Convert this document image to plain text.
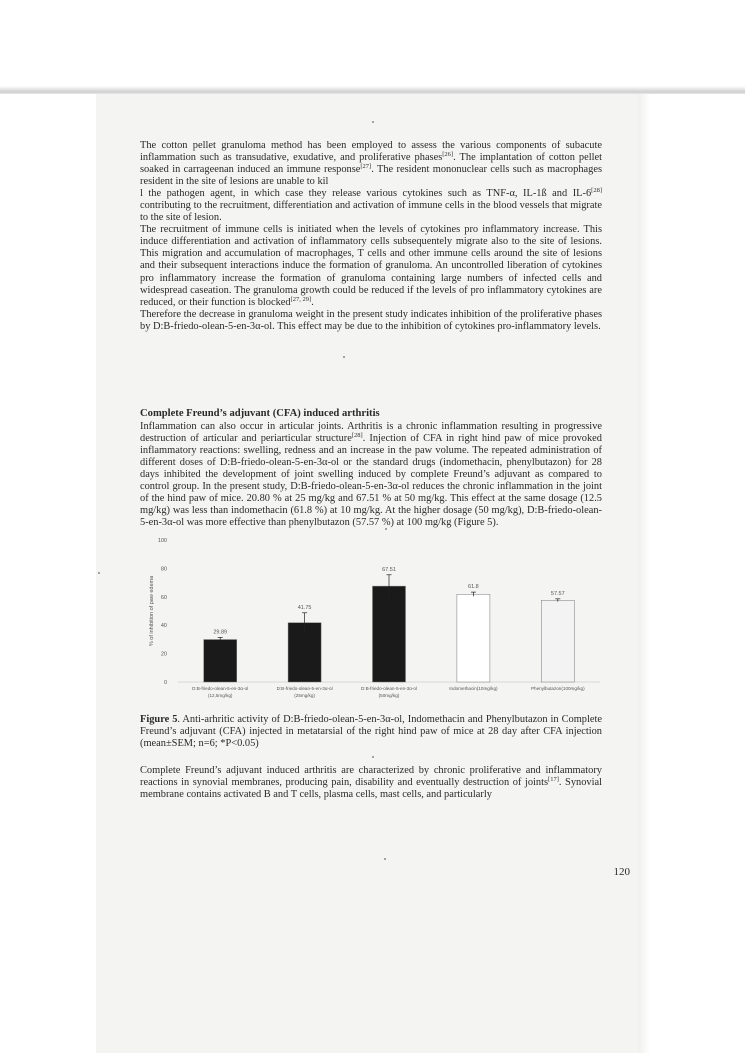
The cotton pellet granuloma method has been employed to assess the various components of subacute inflammation such as transudative, exudative, and proliferative phases[26]. The implantation of cotton pellet soaked in carrageenan induced an immune response[27]. The resident mononuclear cells such as macrophages resident in the site of lesions are unable to kil

l the pathogen agent, in which case they release various cytokines such as TNF-α, IL-1ß and IL-6[28] contributing to the recruitment, differentiation and activation of immune cells in the blood vessels that migrate to the site of lesion.

The recruitment of immune cells is initiated when the levels of cytokines pro inflammatory increase. This induce differentiation and activation of inflammatory cells subsequentely migrate also to the site of lesions. This migration and accumulation of macrophages, T cells and other immune cells around the site of lesions and their subsequent interactions induce the formation of granuloma. An uncontrolled liberation of cytokines pro inflammatory increase the formation of granuloma containing large numbers of infected cells and widespread caseation. The granuloma growth could be reduced if the levels of pro inflammatory cytokines are reduced, or their function is blocked[27, 29].

Therefore the decrease in granuloma weight in the present study indicates inhibition of the proliferative phases by D:B-friedo-olean-5-en-3α-ol. This effect may be due to the inhibition of cytokines pro-inflammatory levels.

Complete Freund’s adjuvant (CFA) induced arthritis

Inflammation can also occur in articular joints. Arthritis is a chronic inflammation resulting in progressive destruction of articular and periarticular structure[28]. Injection of CFA in right hind paw of mice provoked inflammatory reactions: swelling, redness and an increase in the paw volume. The repeated administration of different doses of D:B-friedo-olean-5-en-3α-ol or the standard drugs (indomethacin, phenylbutazon) for 28 days inhibited the development of joint swelling induced by complete Freund’s adjuvant as compared to control group. In the present study, D:B-friedo-olean-5-en-3α-ol reduces the chronic inflammation in the joint of the hind paw of mice. 20.80 % at 25 mg/kg and 67.51 % at 50 mg/kg. This effect at the same dosage (12.5 mg/kg) was less than indomethacin (61.8 %) at 10 mg/kg. At the higher dosage (50 mg/kg), D:B-friedo-olean-5-en-3α-ol was more effective than phenylbutazon (57.57 %) at 100 mg/kg (Figure 5).

0
20
40
60
80
100
% of inhibition of paw edema	29.89
D:B-friedo-olean-5-en-3α-ol
(12,5mg/kg)
41.75
D:B-friedo-olean-5-en-3α-ol
(25mg/kg)
67.51
D:B-friedo-olean-5-en-3α-ol
(50mg/kg)
61.8
Indomethacin(10mg/kg)
57.57
Phenylbutazon(100mg/kg)

Figure 5. Anti-arhritic activity of D:B-friedo-olean-5-en-3α-ol, Indomethacin and Phenylbutazon in Complete Freund’s adjuvant (CFA) injected in metatarsial of the right hind paw of mice at 28 day after CFA injection (mean±SEM; n=6; *P<0.05)

Complete Freund’s adjuvant induced arthritis are characterized by chronic proliferative and inflammatory reactions in synovial membranes, producing pain, disability and eventually destruction of joints[17]. Synovial membrane contains activated B and T cells, plasma cells, mast cells, and particularly

120
